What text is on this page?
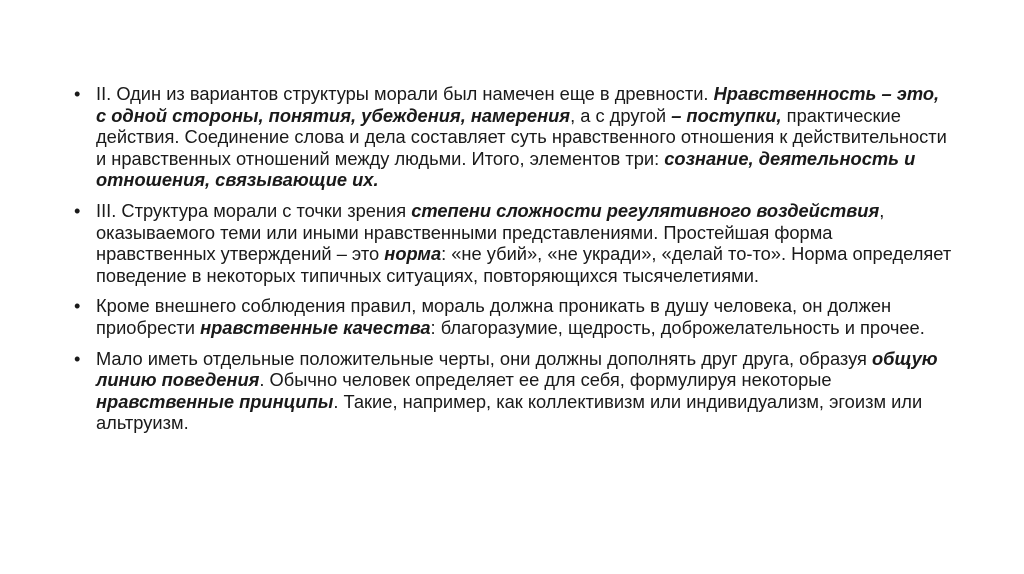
• II. Один из вариантов структуры морали был намечен еще в древности. Нравственность – это, с одной стороны, понятия, убеждения, намерения, а с другой – поступки, практические действия. Соединение слова и дела составляет суть нравственного отношения к действительности и нравственных отношений между людьми. Итого, элементов три: сознание, деятельность и отношения, связывающие их.
• III. Структура морали с точки зрения степени сложности регулятивного воздействия, оказываемого теми или иными нравственными представлениями. Простейшая форма нравственных утверждений – это норма: «не убий», «не укради», «делай то-то». Норма определяет поведение в некоторых типичных ситуациях, повторяющихся тысячелетиями.
• Кроме внешнего соблюдения правил, мораль должна проникать в душу человека, он должен приобрести нравственные качества: благоразумие, щедрость, доброжелательность и прочее.
• Мало иметь отдельные положительные черты, они должны дополнять друг друга, образуя общую линию поведения. Обычно человек определяет ее для себя, формулируя некоторые нравственные принципы. Такие, например, как коллективизм или индивидуализм, эгоизм или альтруизм.
